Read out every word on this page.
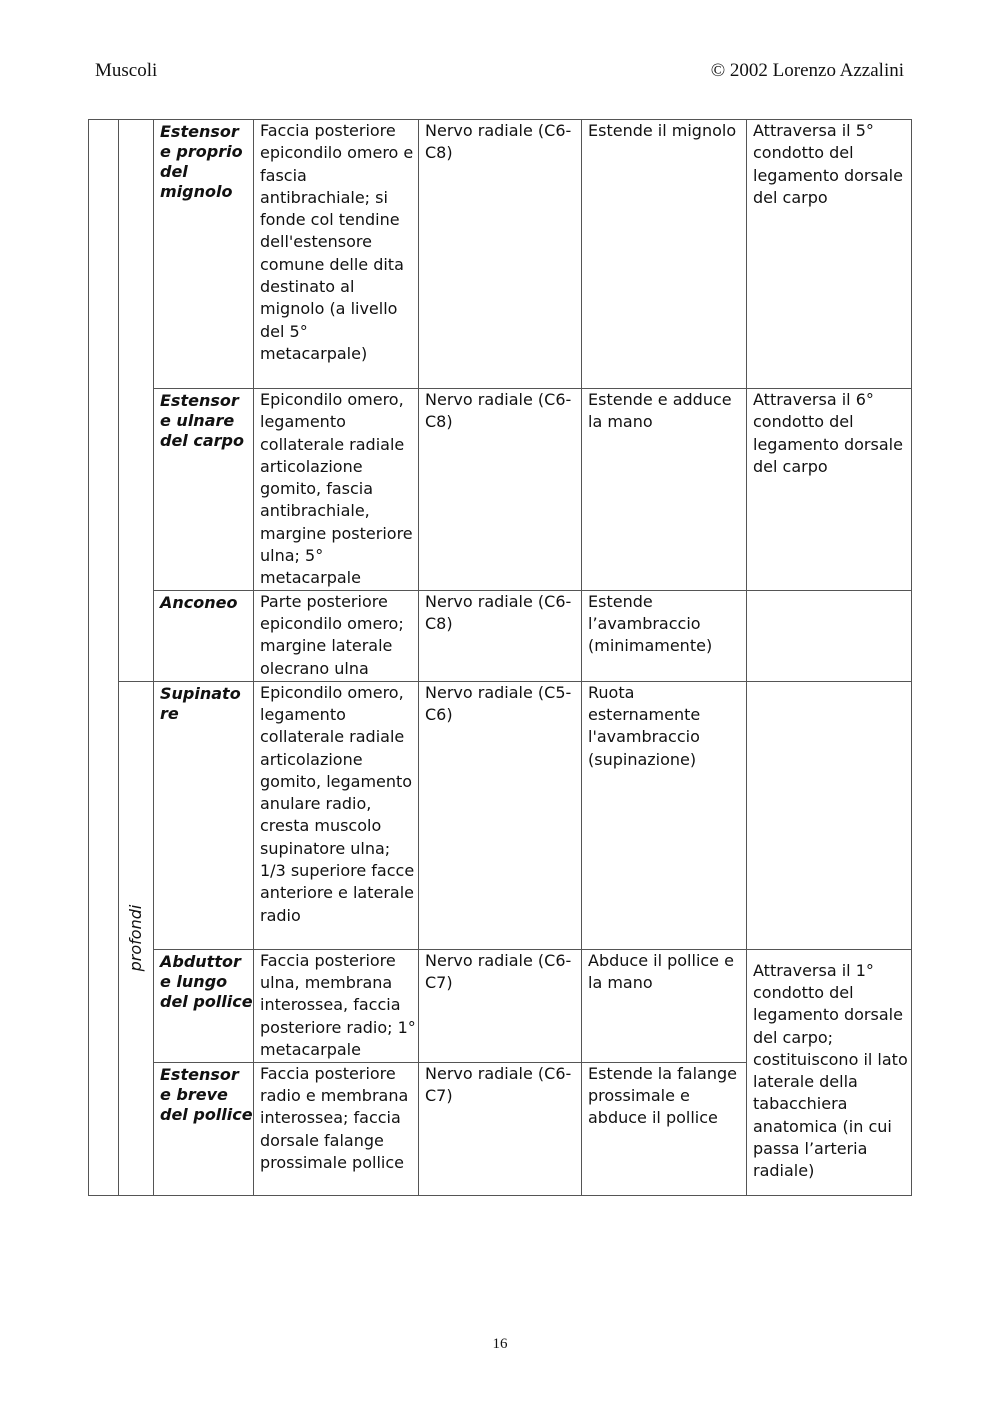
Muscoli	© 2002 Lorenzo Azzalini
		Estensor e proprio del mignolo	Faccia posteriore epicondilo omero e fascia antibrachiale; si fonde col tendine dell'estensore comune delle dita destinato al mignolo (a livello del 5° metacarpale)	Nervo radiale (C6-C8)	Estende il mignolo	Attraversa il 5° condotto del legamento dorsale del carpo
		Estensor e ulnare del carpo	Epicondilo omero, legamento collaterale radiale articolazione gomito, fascia antibrachiale, margine posteriore ulna; 5° metacarpale	Nervo radiale (C6-C8)	Estende e adduce la mano	Attraversa il 6° condotto del legamento dorsale del carpo
		Anconeo	Parte posteriore epicondilo omero; margine laterale olecrano ulna	Nervo radiale (C6-C8)	Estende l’avambraccio (minimamente)	

	profondi	Supinato re	Epicondilo omero, legamento collaterale radiale articolazione gomito, legamento anulare radio, cresta muscolo supinatore ulna; 1/3 superiore facce anteriore e laterale radio	Nervo radiale (C5-C6)	Ruota esternamente l'avambraccio (supinazione)	
		Abduttor e lungo del pollice	Faccia posteriore ulna, membrana interossea, faccia posteriore radio; 1° metacarpale	Nervo radiale (C6-C7)	Abduce il pollice e la mano	Attraversa il 1° condotto del legamento dorsale del carpo; costituiscono il lato laterale della tabacchiera anatomica (in cui passa l’arteria radiale)

		Estensor e breve del pollice	Faccia posteriore radio e membrana interossea; faccia dorsale falange prossimale pollice	Nervo radiale (C6-C7)	Estende la falange prossimale e abduce il pollice	
16
